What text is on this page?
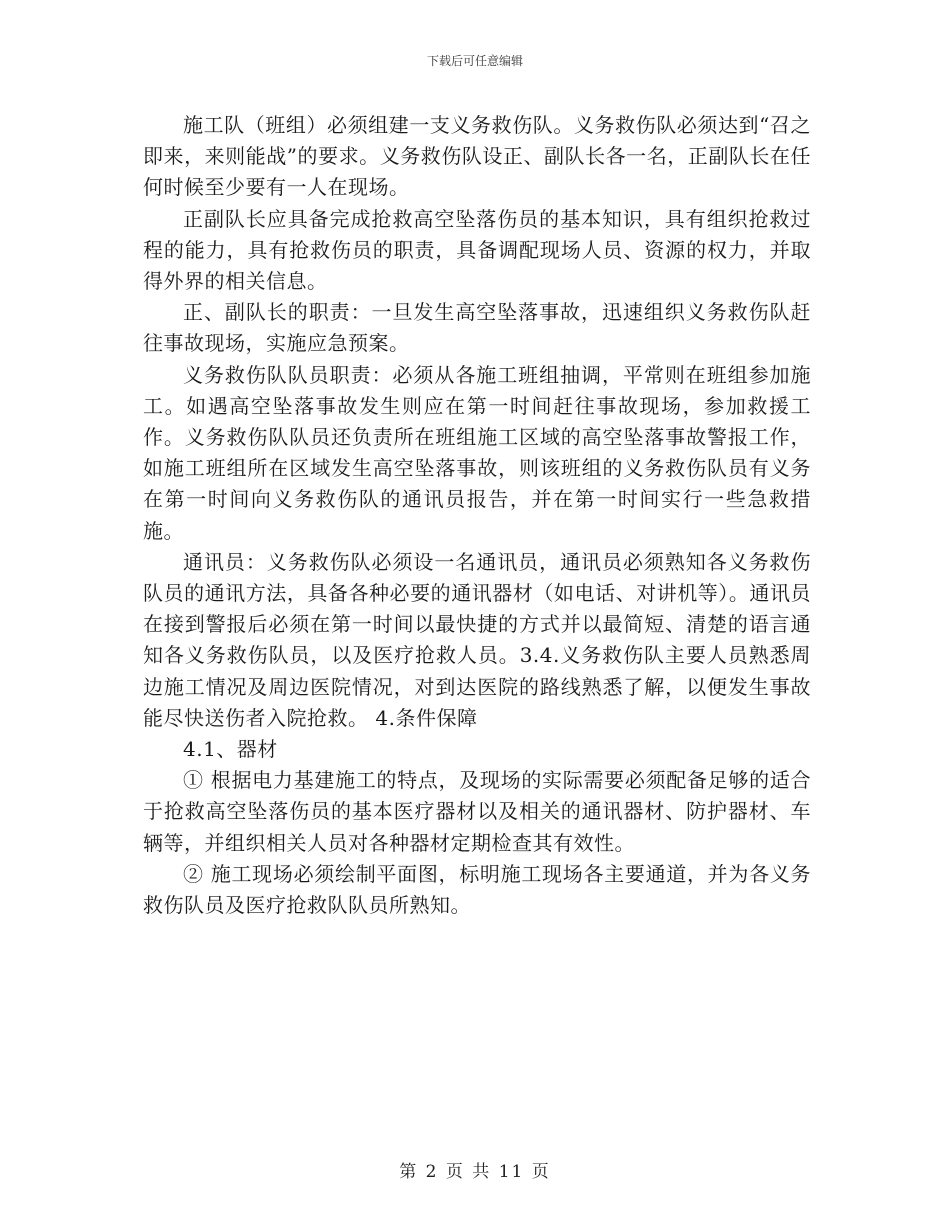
下载后可任意编辑

施工队（班组）必须组建一支义务救伤队。义务救伤队必须达到“召之即来，来则能战”的要求。义务救伤队设正、副队长各一名，正副队长在任何时候至少要有一人在现场。

正副队长应具备完成抢救高空坠落伤员的基本知识，具有组织抢救过程的能力，具有抢救伤员的职责，具备调配现场人员、资源的权力，并取得外界的相关信息。

正、副队长的职责：一旦发生高空坠落事故，迅速组织义务救伤队赶往事故现场，实施应急预案。

义务救伤队队员职责：必须从各施工班组抽调，平常则在班组参加施工。如遇高空坠落事故发生则应在第一时间赶往事故现场，参加救援工作。义务救伤队队员还负责所在班组施工区域的高空坠落事故警报工作，如施工班组所在区域发生高空坠落事故，则该班组的义务救伤队员有义务在第一时间向义务救伤队的通讯员报告，并在第一时间实行一些急救措施。

通讯员：义务救伤队必须设一名通讯员，通讯员必须熟知各义务救伤队员的通讯方法，具备各种必要的通讯器材（如电话、对讲机等）。通讯员在接到警报后必须在第一时间以最快捷的方式并以最简短、清楚的语言通知各义务救伤队员，以及医疗抢救人员。3.4.义务救伤队主要人员熟悉周边施工情况及周边医院情况，对到达医院的路线熟悉了解，以便发生事故能尽快送伤者入院抢救。 4.条件保障

4.1、器材

① 根据电力基建施工的特点，及现场的实际需要必须配备足够的适合于抢救高空坠落伤员的基本医疗器材以及相关的通讯器材、防护器材、车辆等，并组织相关人员对各种器材定期检查其有效性。

② 施工现场必须绘制平面图，标明施工现场各主要通道，并为各义务救伤队员及医疗抢救队队员所熟知。

第 2 页 共 11 页
